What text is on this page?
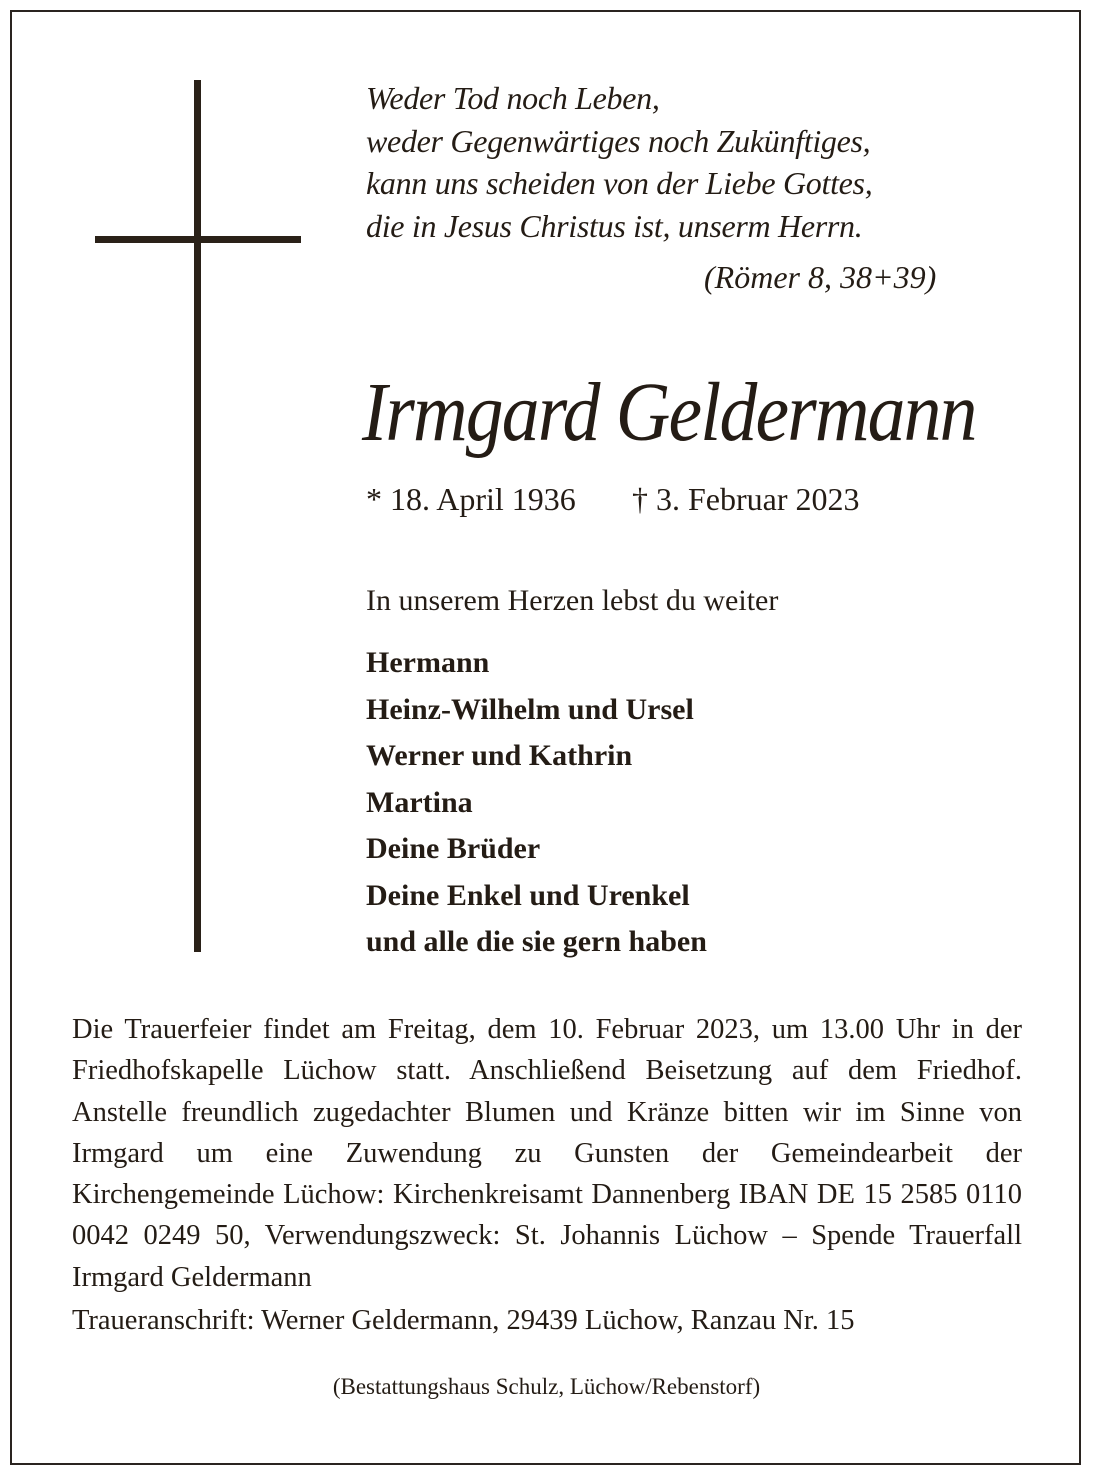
Weder Tod noch Leben,
weder Gegenwärtiges noch Zukünftiges,
kann uns scheiden von der Liebe Gottes,
die in Jesus Christus ist, unserm Herrn.
(Römer 8, 38+39)
Irmgard Geldermann
* 18. April 1936 † 3. Februar 2023
In unserem Herzen lebst du weiter
Hermann
Heinz-Wilhelm und Ursel
Werner und Kathrin
Martina
Deine Brüder
Deine Enkel und Urenkel
und alle die sie gern haben

Die Trauerfeier findet am Freitag, dem 10. Februar 2023, um 13.00 Uhr in der Friedhofskapelle Lüchow statt. Anschließend Beisetzung auf dem Friedhof. Anstelle freundlich zugedachter Blumen und Kränze bitten wir im Sinne von Irmgard um eine Zuwendung zu Gunsten der Gemeindearbeit der Kirchengemeinde Lüchow: Kirchenkreisamt Dannenberg IBAN DE 15 2585 0110 0042 0249 50, Verwendungszweck: St. Johannis Lüchow – Spende Trauerfall Irmgard Geldermann

Traueranschrift: Werner Geldermann, 29439 Lüchow, Ranzau Nr. 15
(Bestattungshaus Schulz, Lüchow/Rebenstorf)
